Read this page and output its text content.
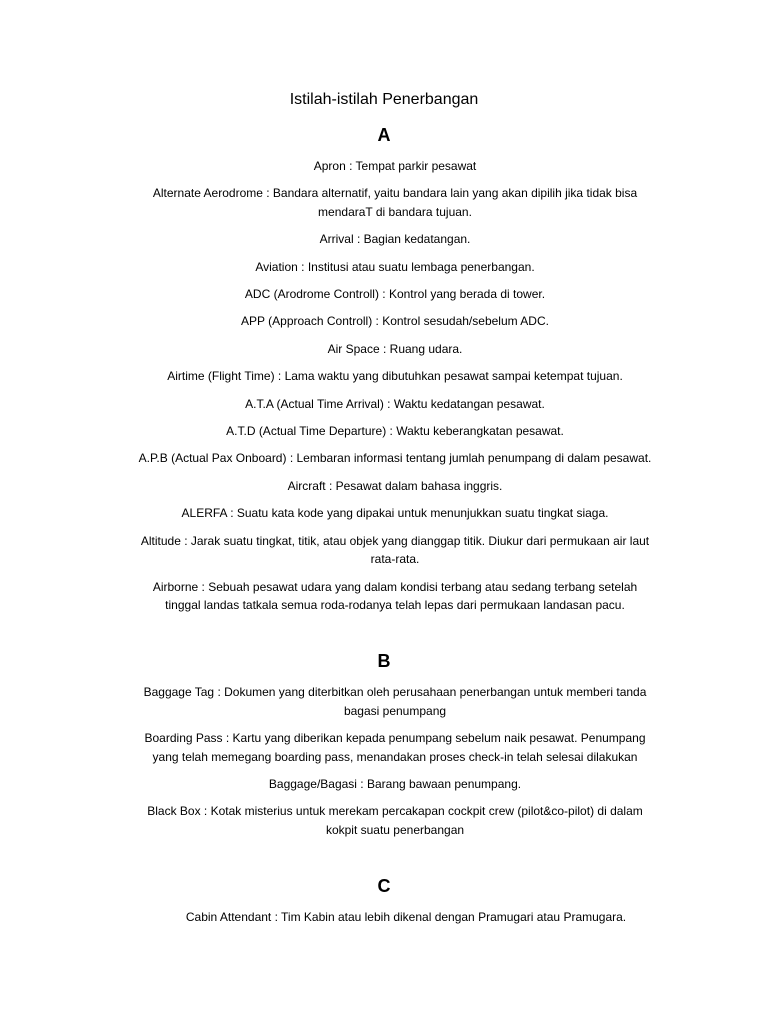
Istilah-istilah Penerbangan
A
Apron : Tempat parkir pesawat
Alternate Aerodrome : Bandara alternatif, yaitu bandara lain yang akan dipilih jika tidak bisa
mendaraT di bandara tujuan.
Arrival : Bagian kedatangan.
Aviation : Institusi atau suatu lembaga penerbangan.
ADC (Arodrome Controll) : Kontrol yang berada di tower.
APP (Approach Controll) : Kontrol sesudah/sebelum ADC.
Air Space : Ruang udara.
Airtime (Flight Time) : Lama waktu yang dibutuhkan pesawat sampai ketempat tujuan.
A.T.A (Actual Time Arrival) : Waktu kedatangan pesawat.
A.T.D (Actual Time Departure) : Waktu keberangkatan pesawat.
A.P.B (Actual Pax Onboard) : Lembaran informasi tentang jumlah penumpang di dalam pesawat.
Aircraft : Pesawat dalam bahasa inggris.
ALERFA : Suatu kata kode yang dipakai untuk menunjukkan suatu tingkat siaga.
Altitude : Jarak suatu tingkat, titik, atau objek yang dianggap titik. Diukur dari permukaan air laut
rata-rata.
Airborne : Sebuah pesawat udara yang dalam kondisi terbang atau sedang terbang setelah
tinggal landas tatkala semua roda-rodanya telah lepas dari permukaan landasan pacu.
B
Baggage Tag : Dokumen yang diterbitkan oleh perusahaan penerbangan untuk memberi tanda
bagasi penumpang
Boarding Pass : Kartu yang diberikan kepada penumpang sebelum naik pesawat. Penumpang
yang telah memegang boarding pass, menandakan proses check-in telah selesai dilakukan
Baggage/Bagasi : Barang bawaan penumpang.
Black Box : Kotak misterius untuk merekam percakapan cockpit crew (pilot&co-pilot) di dalam
kokpit suatu penerbangan
C
Cabin Attendant : Tim Kabin atau lebih dikenal dengan Pramugari atau Pramugara.
